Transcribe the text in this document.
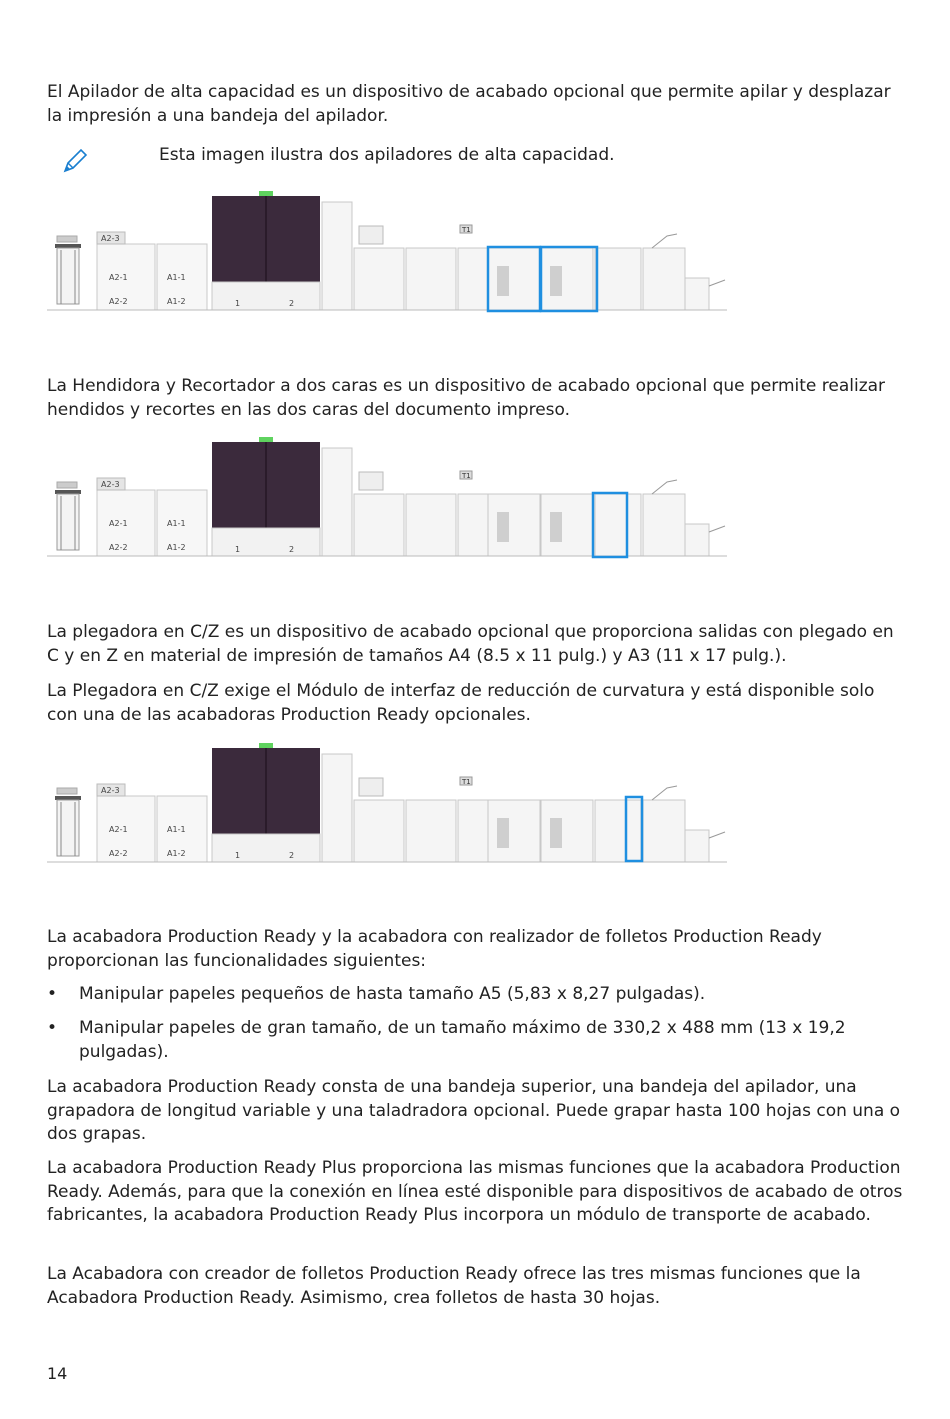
El Apilador de alta capacidad es un dispositivo de acabado opcional que permite apilar y desplazar la impresión a una bandeja del apilador.

Esta imagen ilustra dos apiladores de alta capacidad.
A2-3
A2-1
A2-2
A1-1
A1-2	1	2
T1

La Hendidora y Recortador a dos caras es un dispositivo de acabado opcional que permite realizar hendidos y recortes en las dos caras del documento impreso.

La plegadora en C/Z es un dispositivo de acabado opcional que proporciona salidas con plegado en C y en Z en material de impresión de tamaños A4 (8.5 x 11 pulg.) y A3 (11 x 17 pulg.).

La Plegadora en C/Z exige el Módulo de interfaz de reducción de curvatura y está disponible solo con una de las acabadoras Production Ready opcionales.

La acabadora Production Ready y la acabadora con realizador de folletos Production Ready proporcionan las funcionalidades siguientes:

• Manipular papeles pequeños de hasta tamaño A5 (5,83 x 8,27 pulgadas).
• Manipular papeles de gran tamaño, de un tamaño máximo de 330,2 x 488 mm (13 x 19,2 pulgadas).

La acabadora Production Ready consta de una bandeja superior, una bandeja del apilador, una grapadora de longitud variable y una taladradora opcional. Puede grapar hasta 100 hojas con una o dos grapas.

La acabadora Production Ready Plus proporciona las mismas funciones que la acabadora Production Ready. Además, para que la conexión en línea esté disponible para dispositivos de acabado de otros fabricantes, la acabadora Production Ready Plus incorpora un módulo de transporte de acabado.

La Acabadora con creador de folletos Production Ready ofrece las tres mismas funciones que la Acabadora Production Ready. Asimismo, crea folletos de hasta 30 hojas.

14
